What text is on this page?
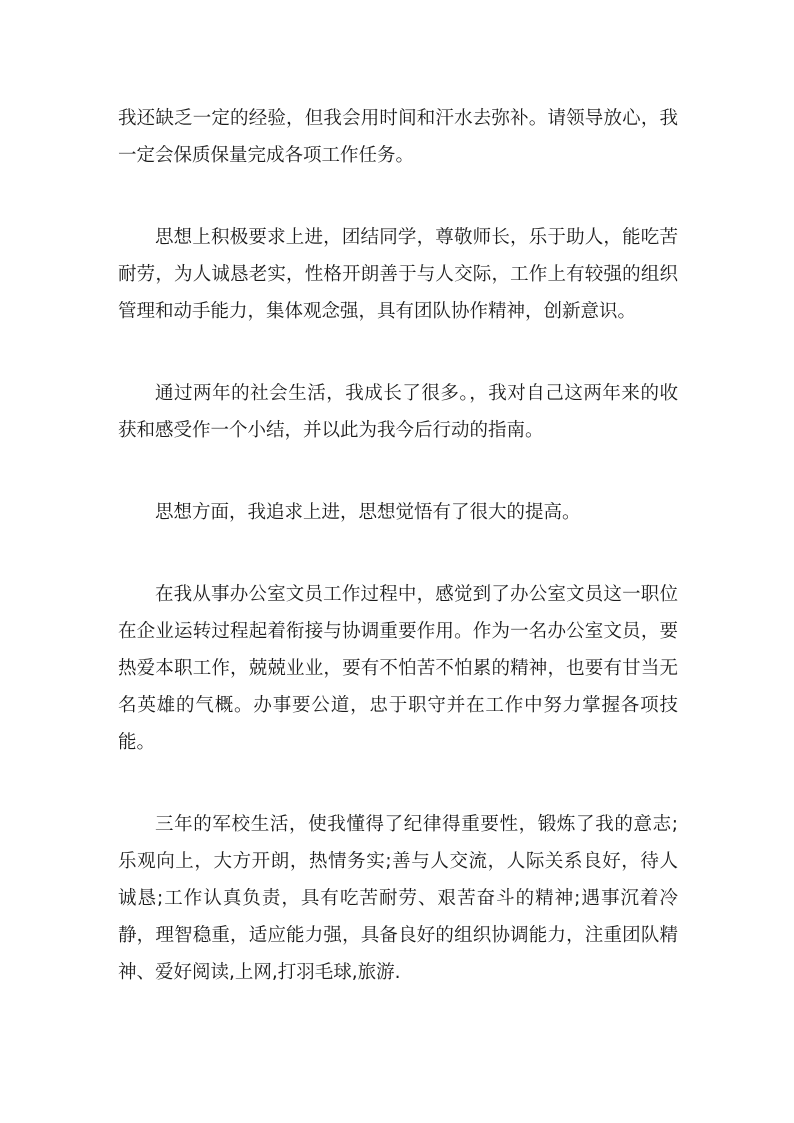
我还缺乏一定的经验，但我会用时间和汗水去弥补。请领导放心，我一定会保质保量完成各项工作任务。

思想上积极要求上进，团结同学，尊敬师长，乐于助人，能吃苦耐劳，为人诚恳老实，性格开朗善于与人交际，工作上有较强的组织管理和动手能力，集体观念强，具有团队协作精神，创新意识。

通过两年的社会生活，我成长了很多。，我对自己这两年来的收获和感受作一个小结，并以此为我今后行动的指南。

思想方面，我追求上进，思想觉悟有了很大的提高。

在我从事办公室文员工作过程中，感觉到了办公室文员这一职位在企业运转过程起着衔接与协调重要作用。作为一名办公室文员，要热爱本职工作，兢兢业业，要有不怕苦不怕累的精神，也要有甘当无名英雄的气概。办事要公道，忠于职守并在工作中努力掌握各项技能。

三年的军校生活，使我懂得了纪律得重要性，锻炼了我的意志;乐观向上，大方开朗，热情务实;善与人交流，人际关系良好，待人诚恳;工作认真负责，具有吃苦耐劳、艰苦奋斗的精神;遇事沉着冷静，理智稳重，适应能力强，具备良好的组织协调能力，注重团队精神、爱好阅读,上网,打羽毛球,旅游.
